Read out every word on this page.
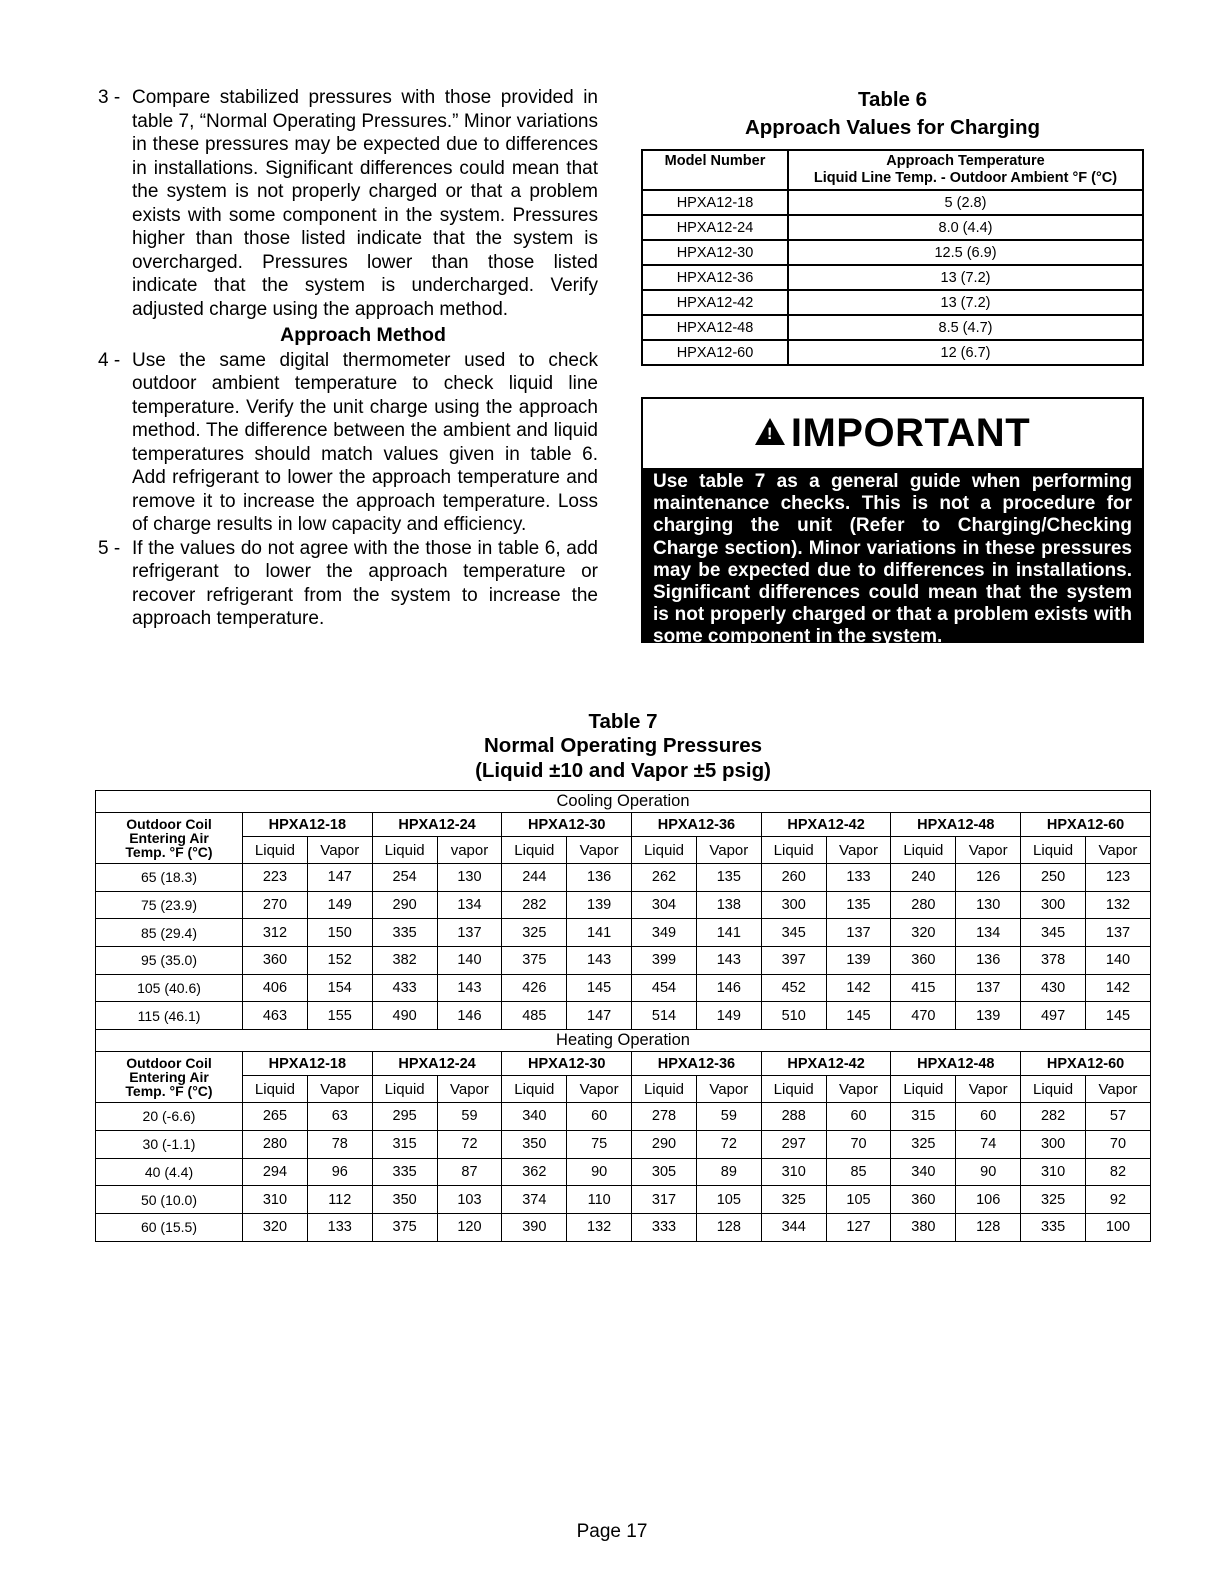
3 - Compare stabilized pressures with those provided in table 7, “Normal Operating Pressures.” Minor variations in these pressures may be expected due to differences in installations. Significant differences could mean that the system is not properly charged or that a problem exists with some component in the system. Pressures higher than those listed indicate that the system is overcharged. Pressures lower than those listed indicate that the system is undercharged. Verify adjusted charge using the approach method.
Approach Method
4 - Use the same digital thermometer used to check outdoor ambient temperature to check liquid line temperature. Verify the unit charge using the approach method. The difference between the ambient and liquid temperatures should match values given in table 6. Add refrigerant to lower the approach temperature and remove it to increase the approach temperature. Loss of charge results in low capacity and efficiency.
5 - If the values do not agree with the those in table 6, add refrigerant to lower the approach temperature or recover refrigerant from the system to increase the approach temperature.
Table 6
Approach Values for Charging
Model Number	Approach Temperature
Liquid Line Temp. - Outdoor Ambient °F (°C)

HPXA12-18	5 (2.8)
HPXA12-24	8.0 (4.4)
HPXA12-30	12.5 (6.9)
HPXA12-36	13 (7.2)
HPXA12-42	13 (7.2)
HPXA12-48	8.5 (4.7)
HPXA12-60	12 (6.7)
!
IMPORTANT
Use table 7 as a general guide when performing maintenance checks. This is not a procedure for charging the unit (Refer to Charging/Checking Charge section). Minor variations in these pressures may be expected due to differences in installations. Significant differences could mean that the system is not properly charged or that a problem exists with some component in the system.
Table 7
Normal Operating Pressures
(Liquid ±10 and Vapor ±5 psig)
Cooling Operation														

Outdoor Coil
Entering Air
Temp. °F (°C)	HPXA12-18		HPXA12-24		HPXA12-30		HPXA12-36		HPXA12-42		HPXA12-48		HPXA12-60	
	Liquid	Vapor	Liquid	vapor	Liquid	Vapor	Liquid	Vapor	Liquid	Vapor	Liquid	Vapor	Liquid	Vapor
65 (18.3)	223	147	254	130	244	136	262	135	260	133	240	126	250	123
75 (23.9)	270	149	290	134	282	139	304	138	300	135	280	130	300	132
85 (29.4)	312	150	335	137	325	141	349	141	345	137	320	134	345	137
95 (35.0)	360	152	382	140	375	143	399	143	397	139	360	136	378	140
105 (40.6)	406	154	433	143	426	145	454	146	452	142	415	137	430	142
115 (46.1)	463	155	490	146	485	147	514	149	510	145	470	139	497	145
Heating Operation														

Outdoor Coil
Entering Air
Temp. °F (°C)	HPXA12-18		HPXA12-24		HPXA12-30		HPXA12-36		HPXA12-42		HPXA12-48		HPXA12-60	
	Liquid	Vapor	Liquid	Vapor	Liquid	Vapor	Liquid	Vapor	Liquid	Vapor	Liquid	Vapor	Liquid	Vapor
20 (-6.6)	265	63	295	59	340	60	278	59	288	60	315	60	282	57
30 (-1.1)	280	78	315	72	350	75	290	72	297	70	325	74	300	70
40 (4.4)	294	96	335	87	362	90	305	89	310	85	340	90	310	82
50 (10.0)	310	112	350	103	374	110	317	105	325	105	360	106	325	92
60 (15.5)	320	133	375	120	390	132	333	128	344	127	380	128	335	100
Page 17
